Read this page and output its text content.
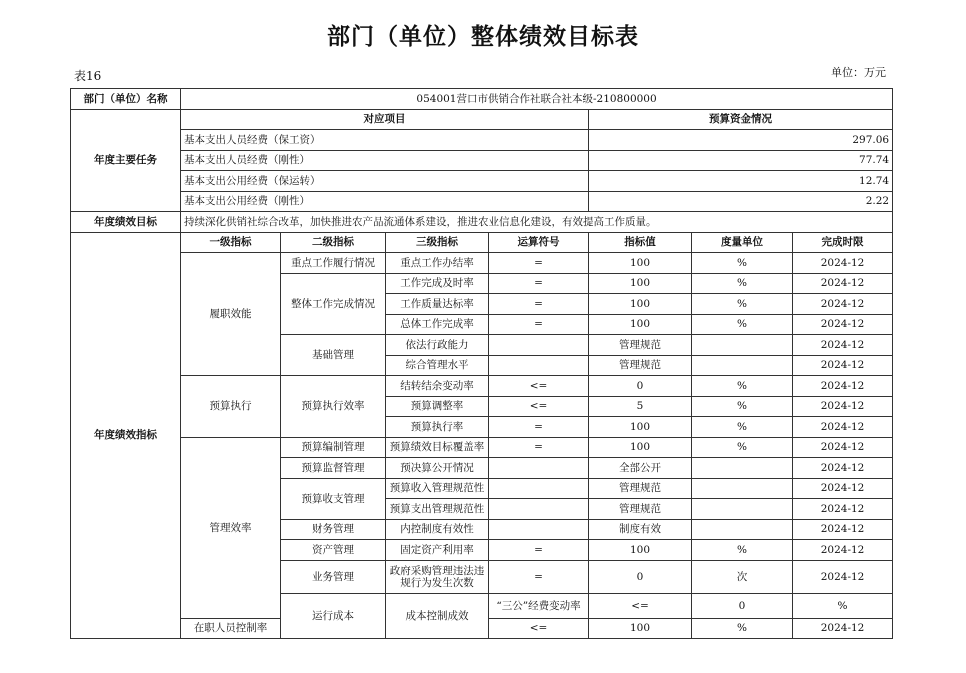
部门（单位）整体绩效目标表
表16	单位：万元
部门（单位）名称	054001营口市供销合作社联合社本级-210800000							
年度主要任务	对应项目				预算资金情况			
	基本支出人员经费（保工资）				297.06			
	基本支出人员经费（刚性）				77.74			
	基本支出公用经费（保运转）				12.74			
	基本支出公用经费（刚性）				2.22			
年度绩效目标	持续深化供销社综合改革，加快推进农产品流通体系建设，推进农业信息化建设，有效提高工作质量。							
年度绩效指标	一级指标	二级指标	三级指标	运算符号	指标值	度量单位	完成时限	
	履职效能	重点工作履行情况	重点工作办结率	=	100	%	2024-12	
		整体工作完成情况	工作完成及时率	=	100	%	2024-12	
			工作质量达标率	=	100	%	2024-12	
			总体工作完成率	=	100	%	2024-12	
		基础管理	依法行政能力		管理规范		2024-12	
			综合管理水平		管理规范		2024-12	
	预算执行	预算执行效率	结转结余变动率	<=	0	%	2024-12	
			预算调整率	<=	5	%	2024-12	
			预算执行率	=	100	%	2024-12	
	管理效率	预算编制管理	预算绩效目标覆盖率	=	100	%	2024-12	
		预算监督管理	预决算公开情况		全部公开		2024-12	
		预算收支管理	预算收入管理规范性		管理规范		2024-12	
			预算支出管理规范性		管理规范		2024-12	
		财务管理	内控制度有效性		制度有效		2024-12	
		资产管理	固定资产利用率	=	100	%	2024-12	
		业务管理	政府采购管理违法违规行为发生次数	=	0	次	2024-12	
		运行成本	成本控制成效	“三公”经费变动率	<=	0	%	
	在职人员控制率			<=	100	%	2024-12	
